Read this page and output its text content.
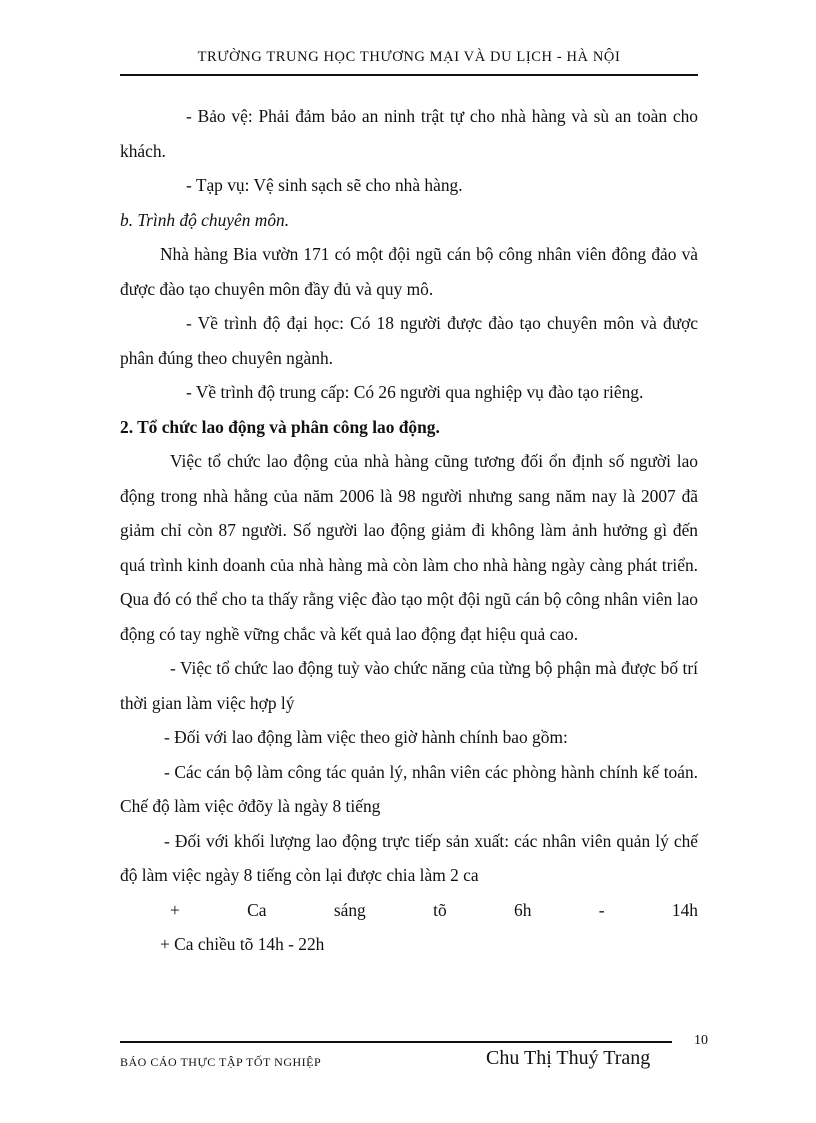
TRƯỜNG TRUNG HỌC THƯƠNG MẠI VÀ DU LỊCH - HÀ NỘI

- Bảo vệ: Phải đảm bảo an ninh trật tự cho nhà hàng và sù an toàn cho khách.

- Tạp vụ: Vệ sinh sạch sẽ cho nhà hàng.

b. Trình độ chuyên môn.

Nhà hàng Bia vườn 171 có một đội ngũ cán bộ công nhân viên đông đảo và được đào tạo chuyên môn đầy đủ và quy mô.

- Về trình độ đại học: Có 18 người được đào tạo chuyên môn và được phân đúng theo chuyên ngành.

- Về trình độ trung cấp: Có 26 người qua nghiệp vụ đào tạo riêng.

2. Tổ chức lao động và phân công lao động.

Việc tổ chức lao động của nhà hàng cũng tương đối ổn định số người lao động trong nhà hằng của năm 2006 là 98 người nhưng sang năm nay là 2007 đã giảm chỉ còn 87 người. Số người lao động giảm đi không làm ảnh hưởng gì đến quá trình kinh doanh của nhà hàng mà còn làm cho nhà hàng ngày càng phát triển. Qua đó có thể cho ta thấy rằng việc đào tạo một đội ngũ cán bộ công nhân viên lao động có tay nghề vững chắc và kết quả lao động đạt hiệu quả cao.

- Việc tổ chức lao động tuỳ vào chức năng của từng bộ phận mà được bố trí thời gian làm việc hợp lý

- Đối với lao động làm việc theo giờ hành chính bao gồm:

- Các cán bộ làm công tác quản lý, nhân viên các phòng hành chính kế toán. Chế độ làm việc ởđõy là ngày 8 tiếng

- Đối với khối lượng lao động trực tiếp sản xuất: các nhân viên quản lý chế độ làm việc ngày 8 tiếng còn lại được chia làm 2 ca

+	Ca	sáng	tõ	6h	-	14h

+ Ca chiều tõ 14h - 22h

10
BÁO CÁO THỰC TẬP TỐT NGHIỆP	Chu Thị Thuý Trang
